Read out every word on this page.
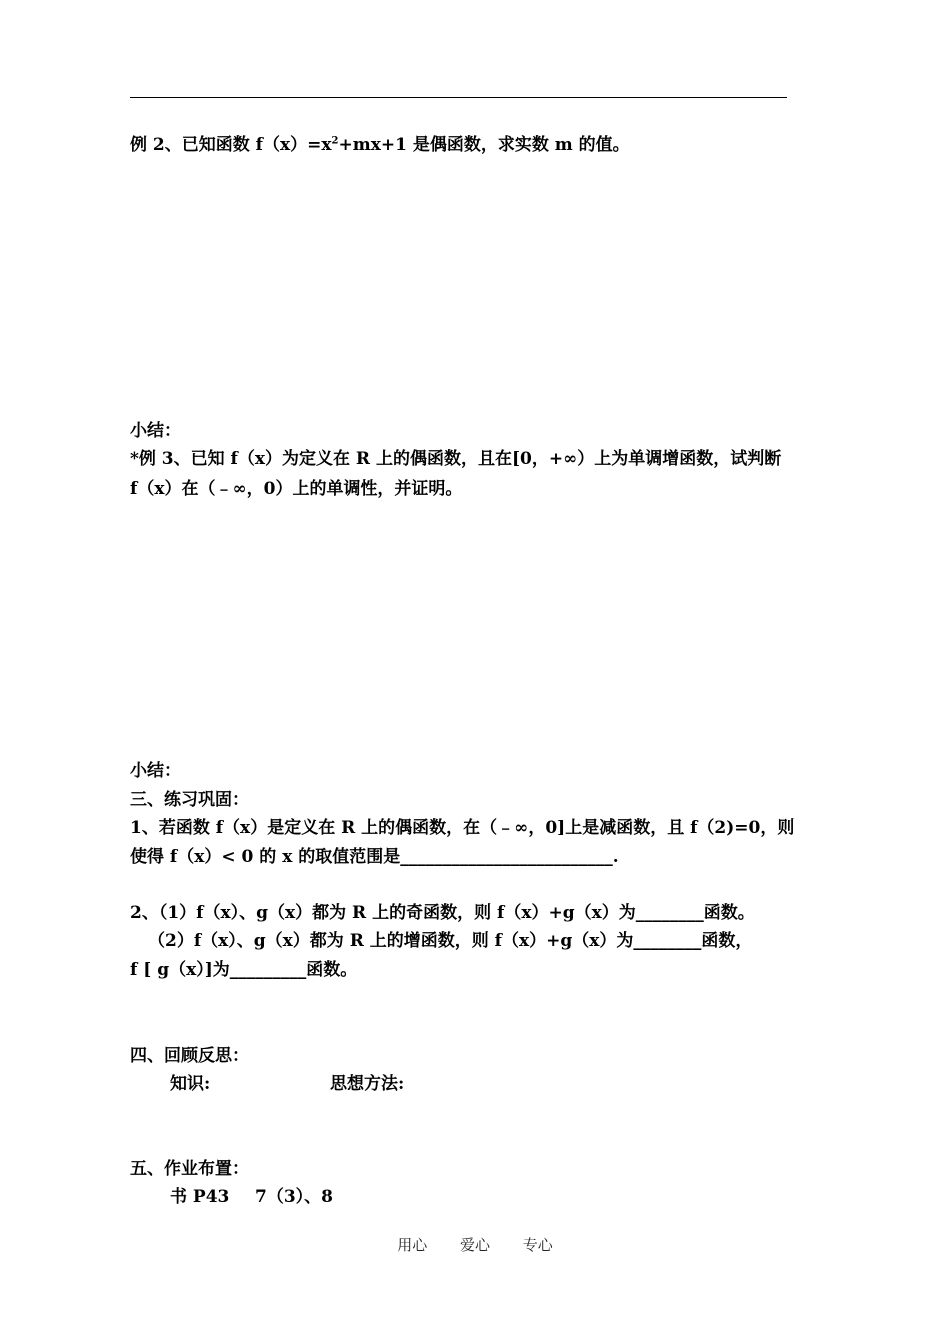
例 2、已知函数 $f(x)=x^2+mx+1$ 是偶函数，求实数 m 的值。
小结：
*例 3、已知 f（x）为定义在 R 上的偶函数，且在[0，+∞）上为单调增函数，试判断
f（x）在（﹣∞，0）上的单调性，并证明。
小结：
三、练习巩固：
1、若函数 f（x）是定义在 R 上的偶函数，在（﹣∞，0]上是减函数，且 f（2)=0，则
使得 f（x）< 0 的 x 的取值范围是_________________________.
2、（1）f（x）、g（x）都为 R 上的奇函数，则 f（x）+g（x）为________函数。
（2）f（x）、g（x）都为 R 上的增函数，则 f（x）+g（x）为________函数，
f [ g（x）]为_________函数。
四、回顾反思：
知识:	思想方法:
五、作业布置：
书 P43 7（3）、8
用心 爱心 专心
